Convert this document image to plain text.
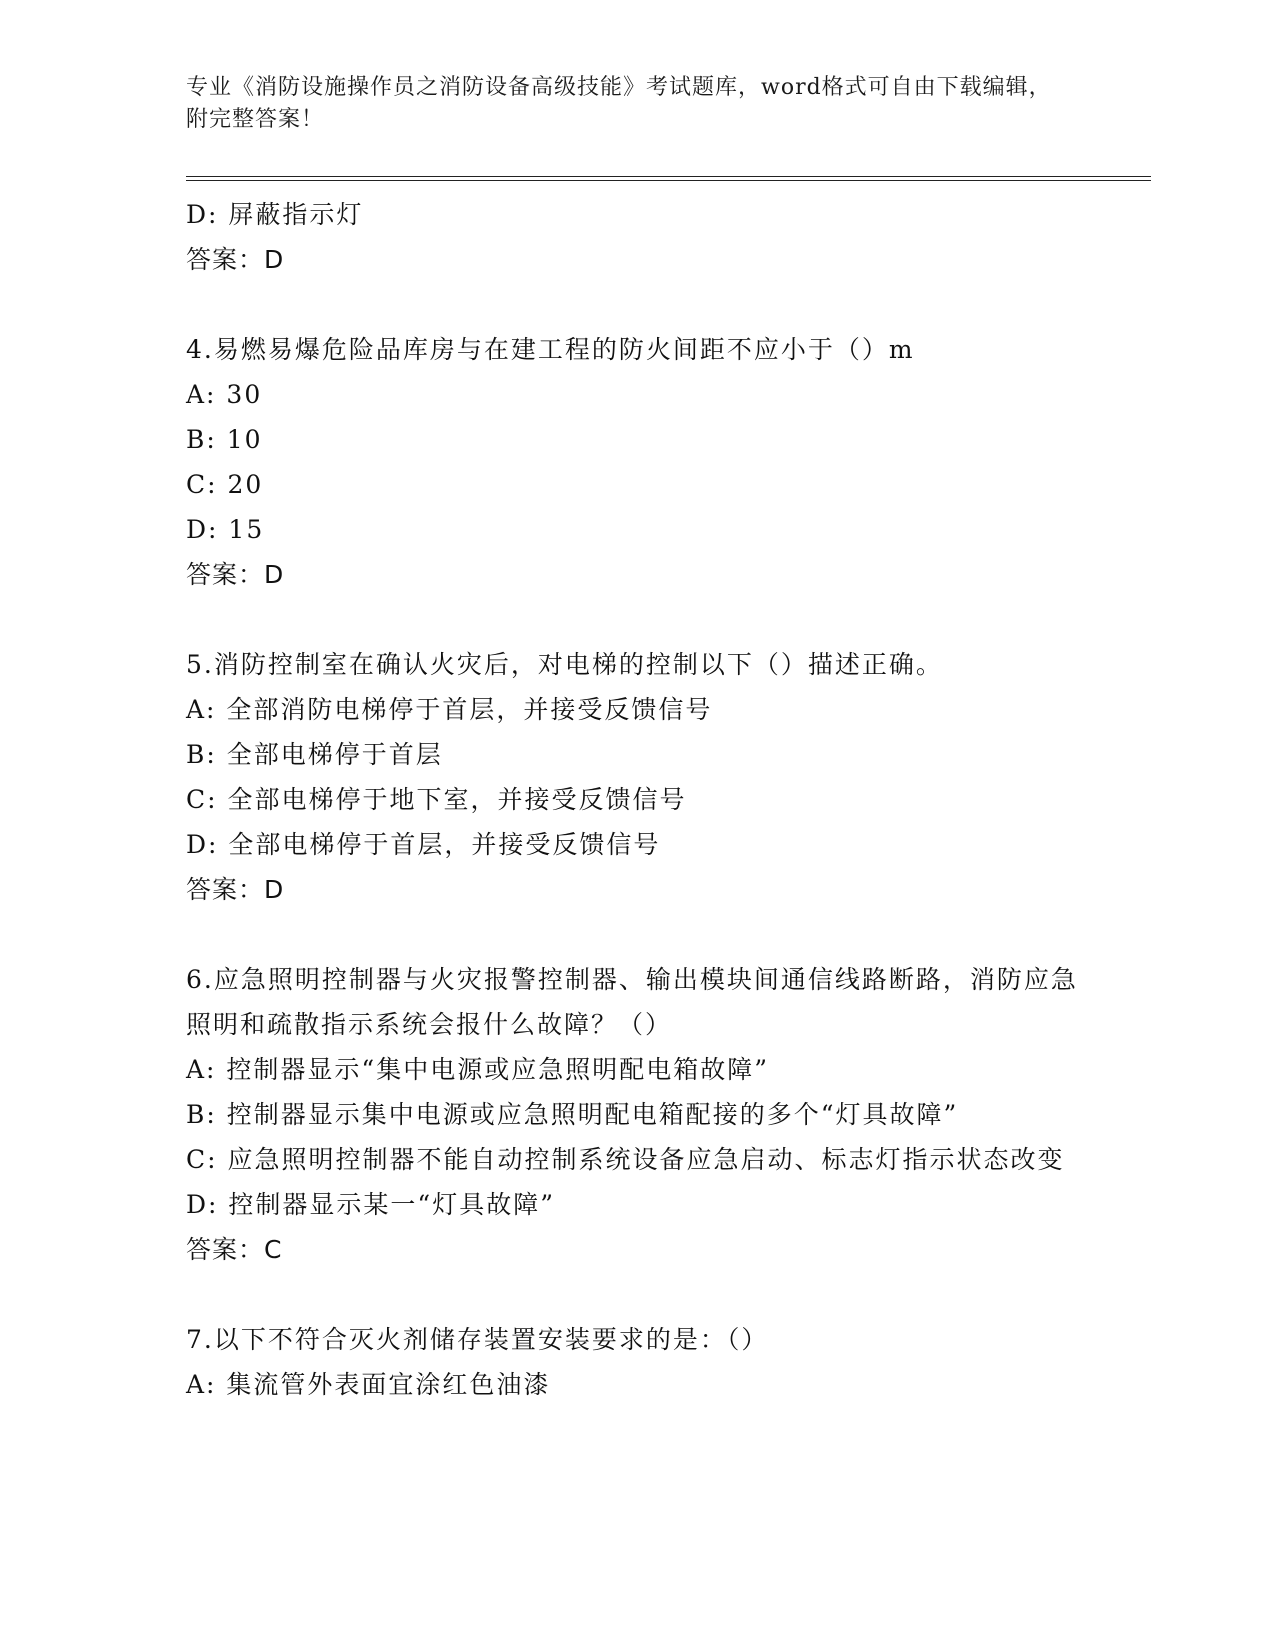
专业《消防设施操作员之消防设备高级技能》考试题库，word格式可自由下载编辑，附完整答案！
D: 屏蔽指示灯
答案：D
4.易燃易爆危险品库房与在建工程的防火间距不应小于（）m
A: 30
B: 10
C: 20
D: 15
答案：D
5.消防控制室在确认火灾后，对电梯的控制以下（）描述正确。
A: 全部消防电梯停于首层，并接受反馈信号
B: 全部电梯停于首层
C: 全部电梯停于地下室，并接受反馈信号
D: 全部电梯停于首层，并接受反馈信号
答案：D
6.应急照明控制器与火灾报警控制器、输出模块间通信线路断路，消防应急照明和疏散指示系统会报什么故障？（）
A: 控制器显示“集中电源或应急照明配电箱故障”
B: 控制器显示集中电源或应急照明配电箱配接的多个“灯具故障”
C: 应急照明控制器不能自动控制系统设备应急启动、标志灯指示状态改变
D: 控制器显示某一“灯具故障”
答案：C
7.以下不符合灭火剂储存装置安装要求的是：（）
A: 集流管外表面宜涂红色油漆
